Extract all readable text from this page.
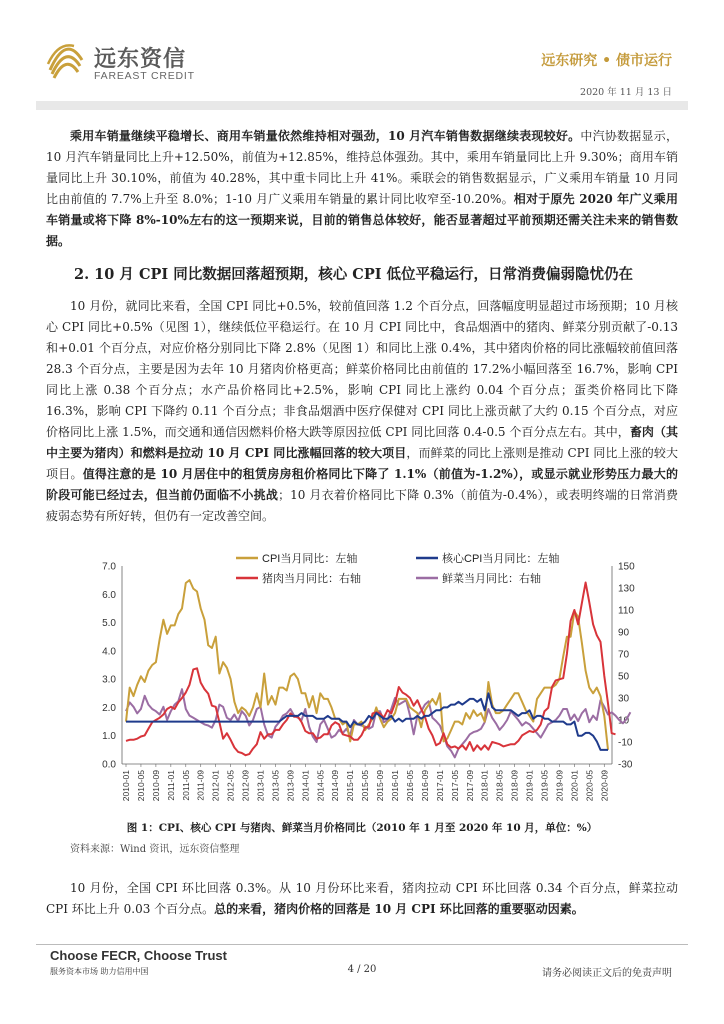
远东资信
FAREAST CREDIT
远东研究 • 债市运行
2020 年 11 月 13 日

乘用车销量继续平稳增长、商用车销量依然维持相对强劲，10 月汽车销售数据继续表现较好。中汽协数据显示，10 月汽车销量同比上升+12.50%，前值为+12.85%，维持总体强劲。其中，乘用车销量同比上升 9.30%；商用车销量同比上升 30.10%，前值为 40.28%，其中重卡同比上升 41%。乘联会的销售数据显示，广义乘用车销量 10 月同比由前值的 7.7%上升至 8.0%；1-10 月广义乘用车销量的累计同比收窄至-10.20%。相对于原先 2020 年广义乘用车销量或将下降 8%-10%左右的这一预期来说，目前的销售总体较好，能否显著超过平前预期还需关注未来的销售数据。

2. 10 月 CPI 同比数据回落超预期，核心 CPI 低位平稳运行，日常消费偏弱隐忧仍在

10 月份，就同比来看，全国 CPI 同比+0.5%，较前值回落 1.2 个百分点，回落幅度明显超过市场预期；10 月核心 CPI 同比+0.5%（见图 1），继续低位平稳运行。在 10 月 CPI 同比中，食品烟酒中的猪肉、鲜菜分别贡献了-0.13 和+0.01 个百分点，对应价格分别同比下降 2.8%（见图 1）和同比上涨 0.4%，其中猪肉价格的同比涨幅较前值回落 28.3 个百分点，主要是因为去年 10 月猪肉价格更高；鲜菜价格同比由前值的 17.2%小幅回落至 16.7%，影响 CPI 同比上涨 0.38 个百分点；水产品价格同比+2.5%，影响 CPI 同比上涨约 0.04 个百分点；蛋类价格同比下降 16.3%，影响 CPI 下降约 0.11 个百分点；非食品烟酒中医疗保健对 CPI 同比上涨贡献了大约 0.15 个百分点，对应价格同比上涨 1.5%，而交通和通信因燃料价格大跌等原因拉低 CPI 同比回落 0.4-0.5 个百分点左右。其中，畜肉（其中主要为猪肉）和燃料是拉动 10 月 CPI 同比涨幅回落的较大项目，而鲜菜的同比上涨则是推动 CPI 同比上涨的较大项目。值得注意的是 10 月居住中的租赁房房租价格同比下降了 1.1%（前值为-1.2%），或显示就业形势压力最大的阶段可能已经过去，但当前仍面临不小挑战；10 月衣着价格同比下降 0.3%（前值为-0.4%），或表明终端的日常消费疲弱态势有所好转，但仍有一定改善空间。

7.0
6.0
5.0
4.0
3.0
2.0
1.0
0.0
150
130
110
90
70
50
30
10
-10
-30
2010-01 2010-05 2010-09 2011-01 2011-05 2011-09 2012-01 2012-05 2012-09 2013-01 2013-05 2013-09 2014-01 2014-05 2014-09 2015-01 2015-05 2015-09 2016-01 2016-05 2016-09 2017-01 2017-05 2017-09 2018-01 2018-05 2018-09 2019-01 2019-05 2019-09 2020-01 2020-05 2020-09
CPI当月同比：左轴	核心CPI当月同比：左轴
猪肉当月同比：右轴	鲜菜当月同比：右轴
图 1：CPI、核心 CPI 与猪肉、鲜菜当月价格同比（2010 年 1 月至 2020 年 10 月，单位：%）
资料来源：Wind 资讯，远东资信整理

10 月份，全国 CPI 环比回落 0.3%。从 10 月份环比来看，猪肉拉动 CPI 环比回落 0.34 个百分点，鲜菜拉动 CPI 环比上升 0.03 个百分点。总的来看，猪肉价格的回落是 10 月 CPI 环比回落的重要驱动因素。

Choose FECR, Choose Trust
服务资本市场 助力信用中国	4 / 20	请务必阅读正文后的免责声明
